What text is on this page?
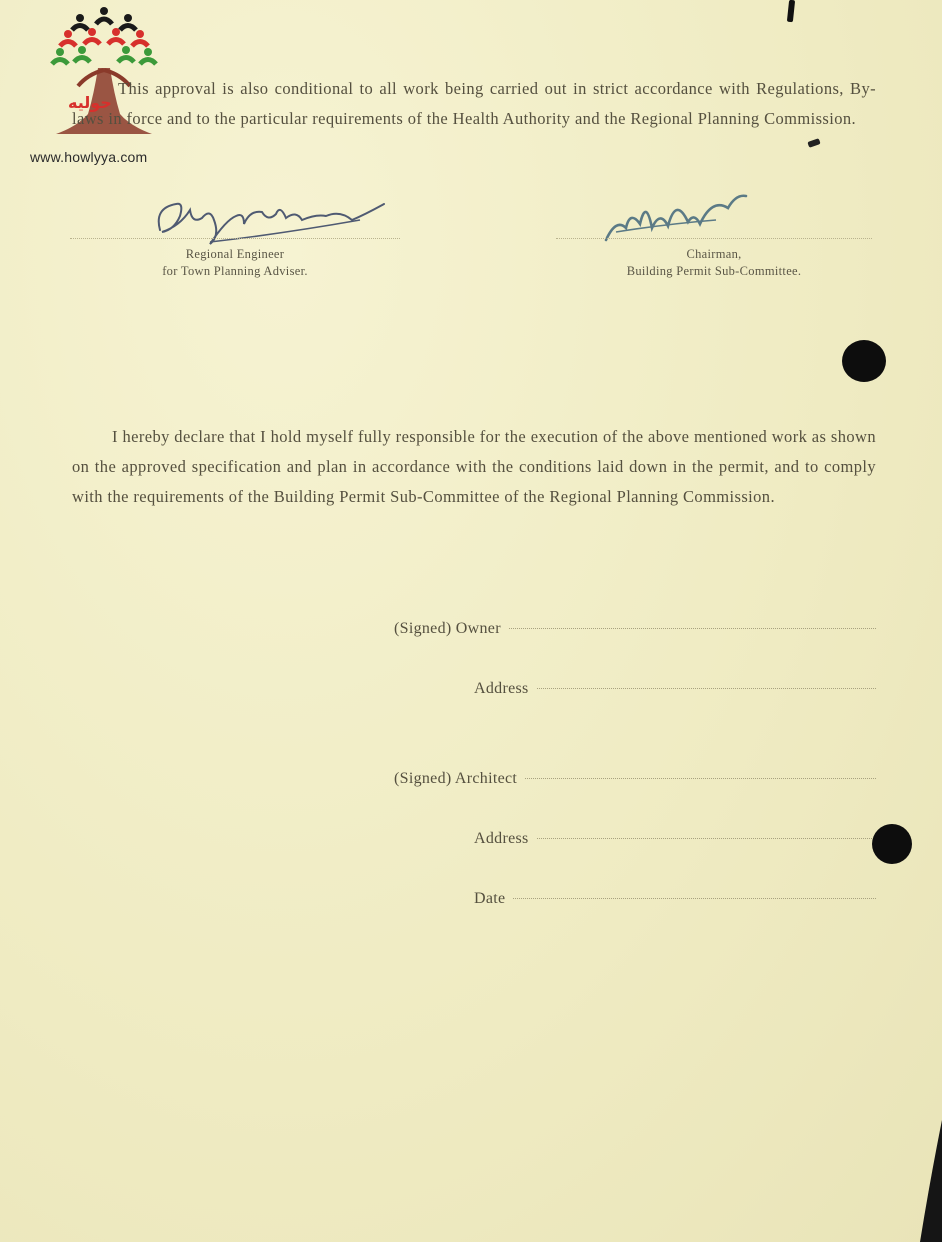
حوليه
www.howlyya.com

This approval is also conditional to all work being carried out in strict accordance with Regulations, By-laws in force and to the particular requirements of the Health Authority and the Regional Planning Commission.

Regional Engineer
for Town Planning Adviser.
Chairman,
Building Permit Sub-Committee.

I hereby declare that I hold myself fully responsible for the execution of the above mentioned work as shown on the approved specification and plan in accordance with the conditions laid down in the permit, and to comply with the requirements of the Building Permit Sub-Committee of the Regional Planning Commission.

(Signed) Owner
Address
(Signed) Architect
Address
Date
